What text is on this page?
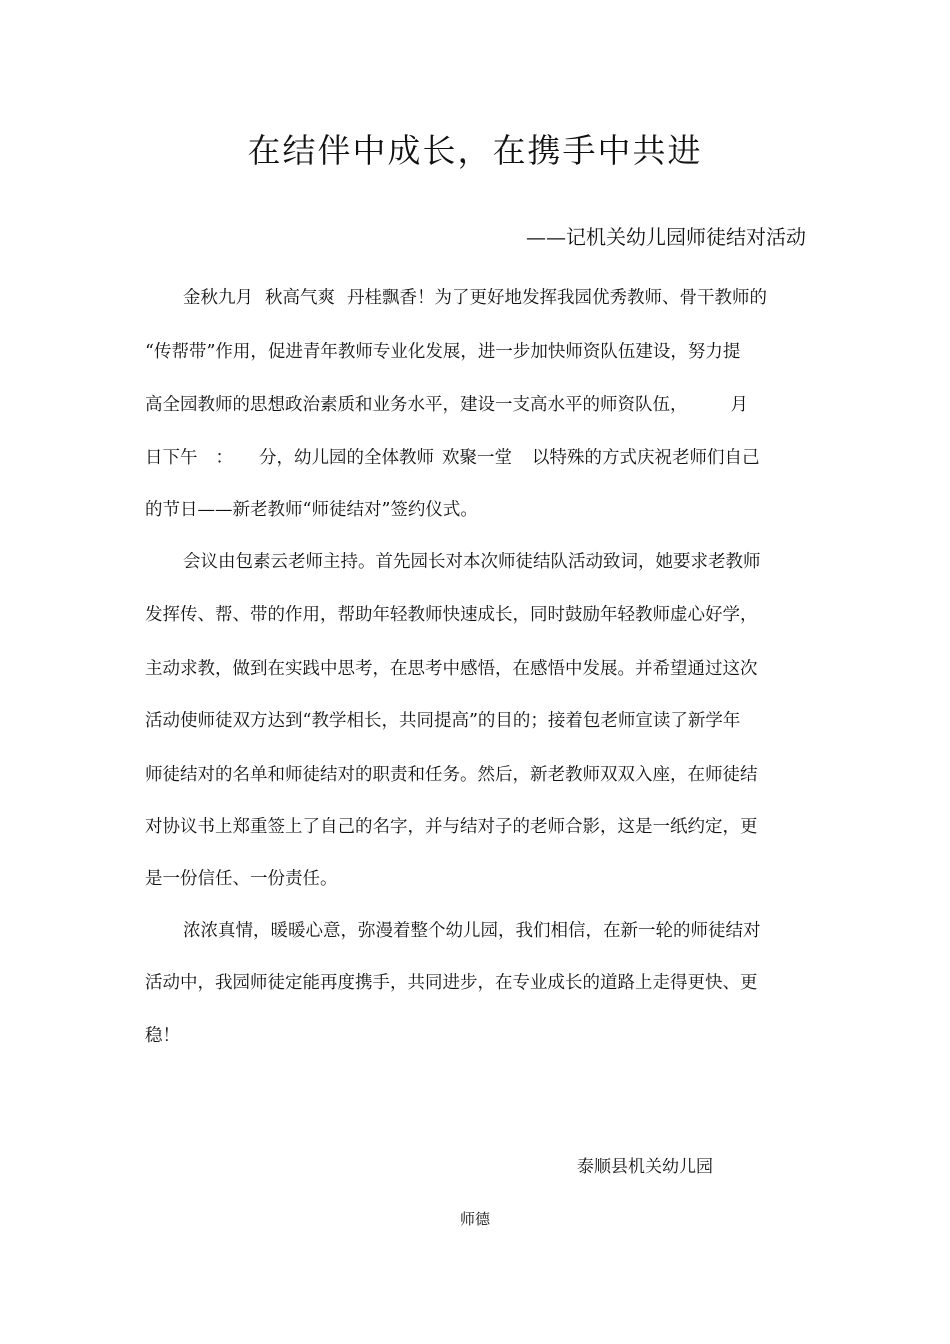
在结伴中成长，在携手中共进
——记机关幼儿园师徒结对活动

金秋九月 秋高气爽 丹桂飘香！为了更好地发挥我园优秀教师、骨干教师的

“传帮带”作用，促进青年教师专业化发展，进一步加快师资队伍建设，努力提

高全园教师的思想政治素质和业务水平，建设一支高水平的师资队伍， 月

日下午 ： 分，幼儿园的全体教师 欢聚一堂 以特殊的方式庆祝老师们自己

的节日——新老教师“师徒结对”签约仪式。

会议由包素云老师主持。首先园长对本次师徒结队活动致词，她要求老教师

发挥传、帮、带的作用，帮助年轻教师快速成长，同时鼓励年轻教师虚心好学，

主动求教，做到在实践中思考，在思考中感悟，在感悟中发展。并希望通过这次

活动使师徒双方达到“教学相长，共同提高”的目的；接着包老师宣读了新学年

师徒结对的名单和师徒结对的职责和任务。然后，新老教师双双入座，在师徒结

对协议书上郑重签上了自己的名字，并与结对子的老师合影，这是一纸约定，更

是一份信任、一份责任。

浓浓真情，暖暖心意，弥漫着整个幼儿园，我们相信，在新一轮的师徒结对

活动中，我园师徒定能再度携手，共同进步，在专业成长的道路上走得更快、更

稳！

泰顺县机关幼儿园
师德
